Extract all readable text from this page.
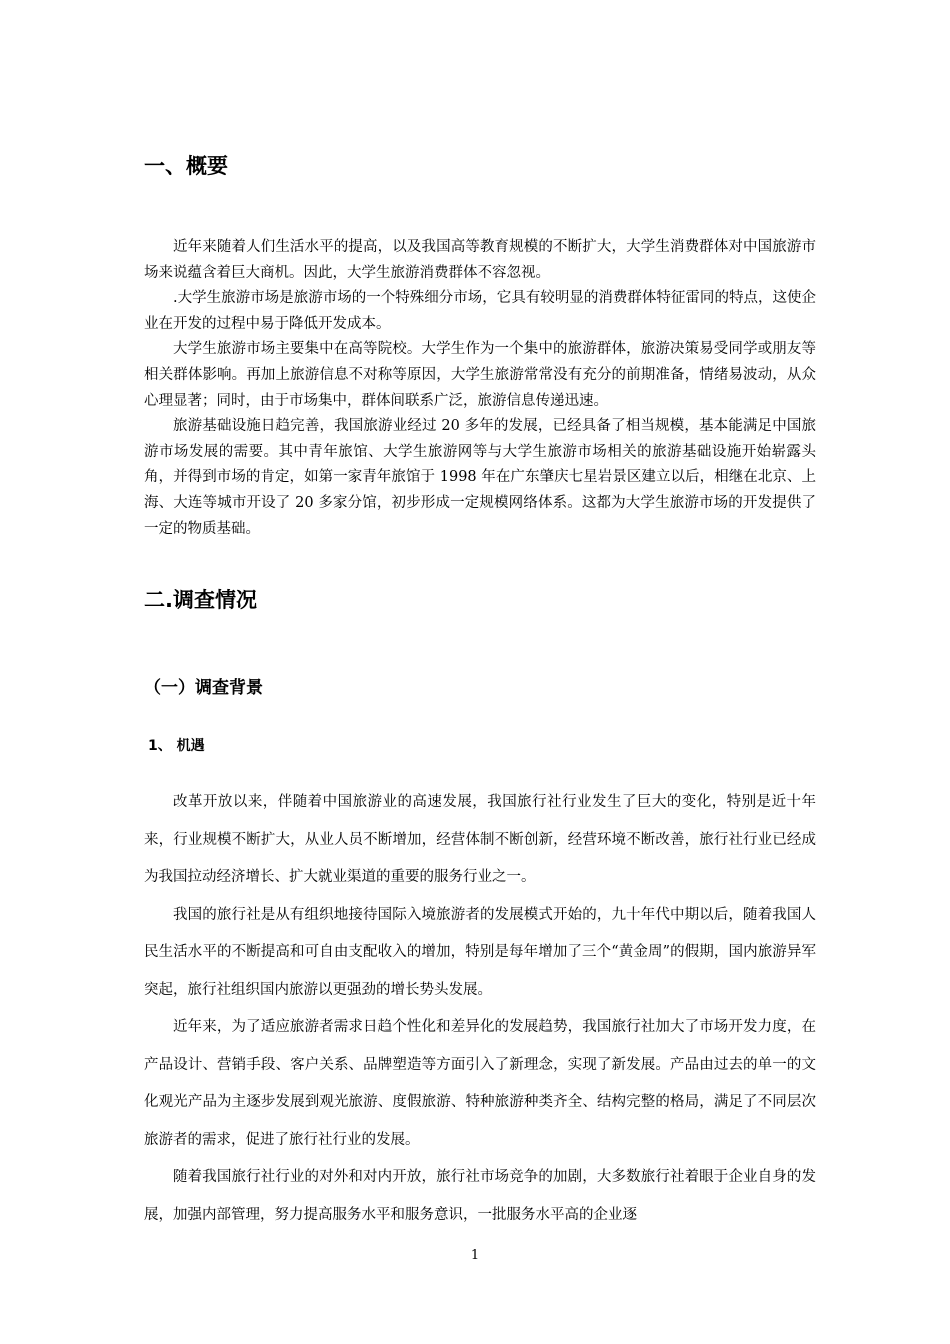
一、概要

近年来随着人们生活水平的提高，以及我国高等教育规模的不断扩大，大学生消费群体对中国旅游市场来说蕴含着巨大商机。因此，大学生旅游消费群体不容忽视。

.大学生旅游市场是旅游市场的一个特殊细分市场，它具有较明显的消费群体特征雷同的特点，这使企业在开发的过程中易于降低开发成本。

大学生旅游市场主要集中在高等院校。大学生作为一个集中的旅游群体，旅游决策易受同学或朋友等相关群体影响。再加上旅游信息不对称等原因，大学生旅游常常没有充分的前期准备，情绪易波动，从众心理显著；同时，由于市场集中，群体间联系广泛，旅游信息传递迅速。

旅游基础设施日趋完善，我国旅游业经过 20 多年的发展，已经具备了相当规模，基本能满足中国旅游市场发展的需要。其中青年旅馆、大学生旅游网等与大学生旅游市场相关的旅游基础设施开始崭露头角，并得到市场的肯定，如第一家青年旅馆于 1998 年在广东肇庆七星岩景区建立以后，相继在北京、上海、大连等城市开设了 20 多家分馆，初步形成一定规模网络体系。这都为大学生旅游市场的开发提供了一定的物质基础。

二.调查情况
（一）调查背景
1、 机遇

改革开放以来，伴随着中国旅游业的高速发展，我国旅行社行业发生了巨大的变化，特别是近十年来，行业规模不断扩大，从业人员不断增加，经营体制不断创新，经营环境不断改善，旅行社行业已经成为我国拉动经济增长、扩大就业渠道的重要的服务行业之一。

我国的旅行社是从有组织地接待国际入境旅游者的发展模式开始的，九十年代中期以后，随着我国人民生活水平的不断提高和可自由支配收入的增加，特别是每年增加了三个“黄金周”的假期，国内旅游异军突起，旅行社组织国内旅游以更强劲的增长势头发展。

近年来，为了适应旅游者需求日趋个性化和差异化的发展趋势，我国旅行社加大了市场开发力度，在产品设计、营销手段、客户关系、品牌塑造等方面引入了新理念，实现了新发展。产品由过去的单一的文化观光产品为主逐步发展到观光旅游、度假旅游、特种旅游种类齐全、结构完整的格局，满足了不同层次旅游者的需求，促进了旅行社行业的发展。

随着我国旅行社行业的对外和对内开放，旅行社市场竞争的加剧，大多数旅行社着眼于企业自身的发展，加强内部管理，努力提高服务水平和服务意识，一批服务水平高的企业逐

1
